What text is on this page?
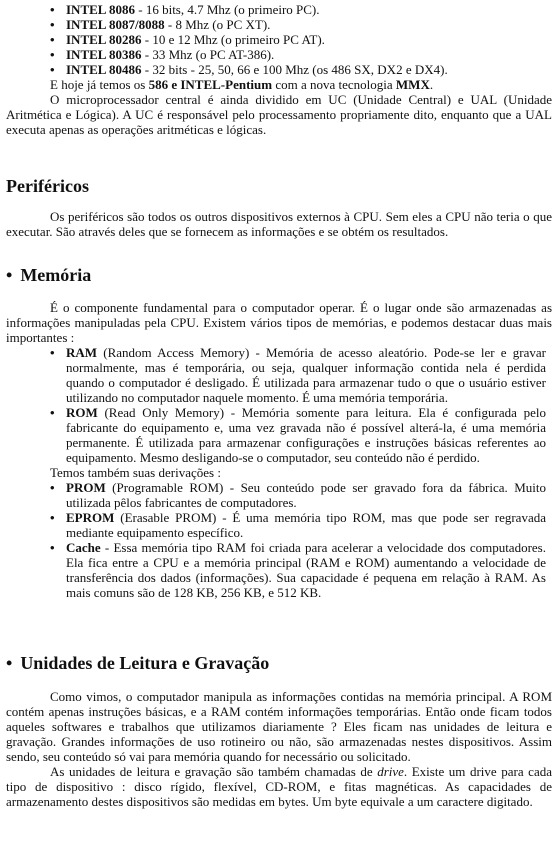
• INTEL 8086 - 16 bits, 4.7 Mhz (o primeiro PC).
• INTEL 8087/8088 - 8 Mhz (o PC XT).
• INTEL 80286 - 10 e 12 Mhz (o primeiro PC AT).
• INTEL 80386 - 33 Mhz (o PC AT-386).
• INTEL 80486 - 32 bits - 25, 50, 66 e 100 Mhz (os 486 SX, DX2 e DX4).
E hoje já temos os 586 e INTEL-Pentium com a nova tecnologia MMX.
O microprocessador central é ainda dividido em UC (Unidade Central) e UAL (Unidade Aritmética e Lógica). A UC é responsável pelo processamento propriamente dito, enquanto que a UAL executa apenas as operações aritméticas e lógicas.
Periféricos
Os periféricos são todos os outros dispositivos externos à CPU. Sem eles a CPU não teria o que executar. São através deles que se fornecem as informações e se obtém os resultados.
• Memória
É o componente fundamental para o computador operar. É o lugar onde são armazenadas as informações manipuladas pela CPU. Existem vários tipos de memórias, e podemos destacar duas mais importantes :
• RAM (Random Access Memory) - Memória de acesso aleatório. Pode-se ler e gravar normalmente, mas é temporária, ou seja, qualquer informação contida nela é perdida quando o computador é desligado. É utilizada para armazenar tudo o que o usuário estiver utilizando no computador naquele momento. É uma memória temporária.
• ROM (Read Only Memory) - Memória somente para leitura. Ela é configurada pelo fabricante do equipamento e, uma vez gravada não é possível alterá-la, é uma memória permanente. É utilizada para armazenar configurações e instruções básicas referentes ao equipamento. Mesmo desligando-se o computador, seu conteúdo não é perdido.
Temos também suas derivações :
• PROM (Programable ROM) - Seu conteúdo pode ser gravado fora da fábrica. Muito utilizada pêlos fabricantes de computadores.
• EPROM (Erasable PROM) - É uma memória tipo ROM, mas que pode ser regravada mediante equipamento específico.
• Cache - Essa memória tipo RAM foi criada para acelerar a velocidade dos computadores. Ela fica entre a CPU e a memória principal (RAM e ROM) aumentando a velocidade de transferência dos dados (informações). Sua capacidade é pequena em relação à RAM. As mais comuns são de 128 KB, 256 KB, e 512 KB.
• Unidades de Leitura e Gravação
Como vimos, o computador manipula as informações contidas na memória principal. A ROM contém apenas instruções básicas, e a RAM contém informações temporárias. Então onde ficam todos aqueles softwares e trabalhos que utilizamos diariamente ? Eles ficam nas unidades de leitura e gravação. Grandes informações de uso rotineiro ou não, são armazenadas nestes dispositivos. Assim sendo, seu conteúdo só vai para memória quando for necessário ou solicitado.
As unidades de leitura e gravação são também chamadas de drive. Existe um drive para cada tipo de dispositivo : disco rígido, flexível, CD-ROM, e fitas magnéticas. As capacidades de armazenamento destes dispositivos são medidas em bytes. Um byte equivale a um caractere digitado.
